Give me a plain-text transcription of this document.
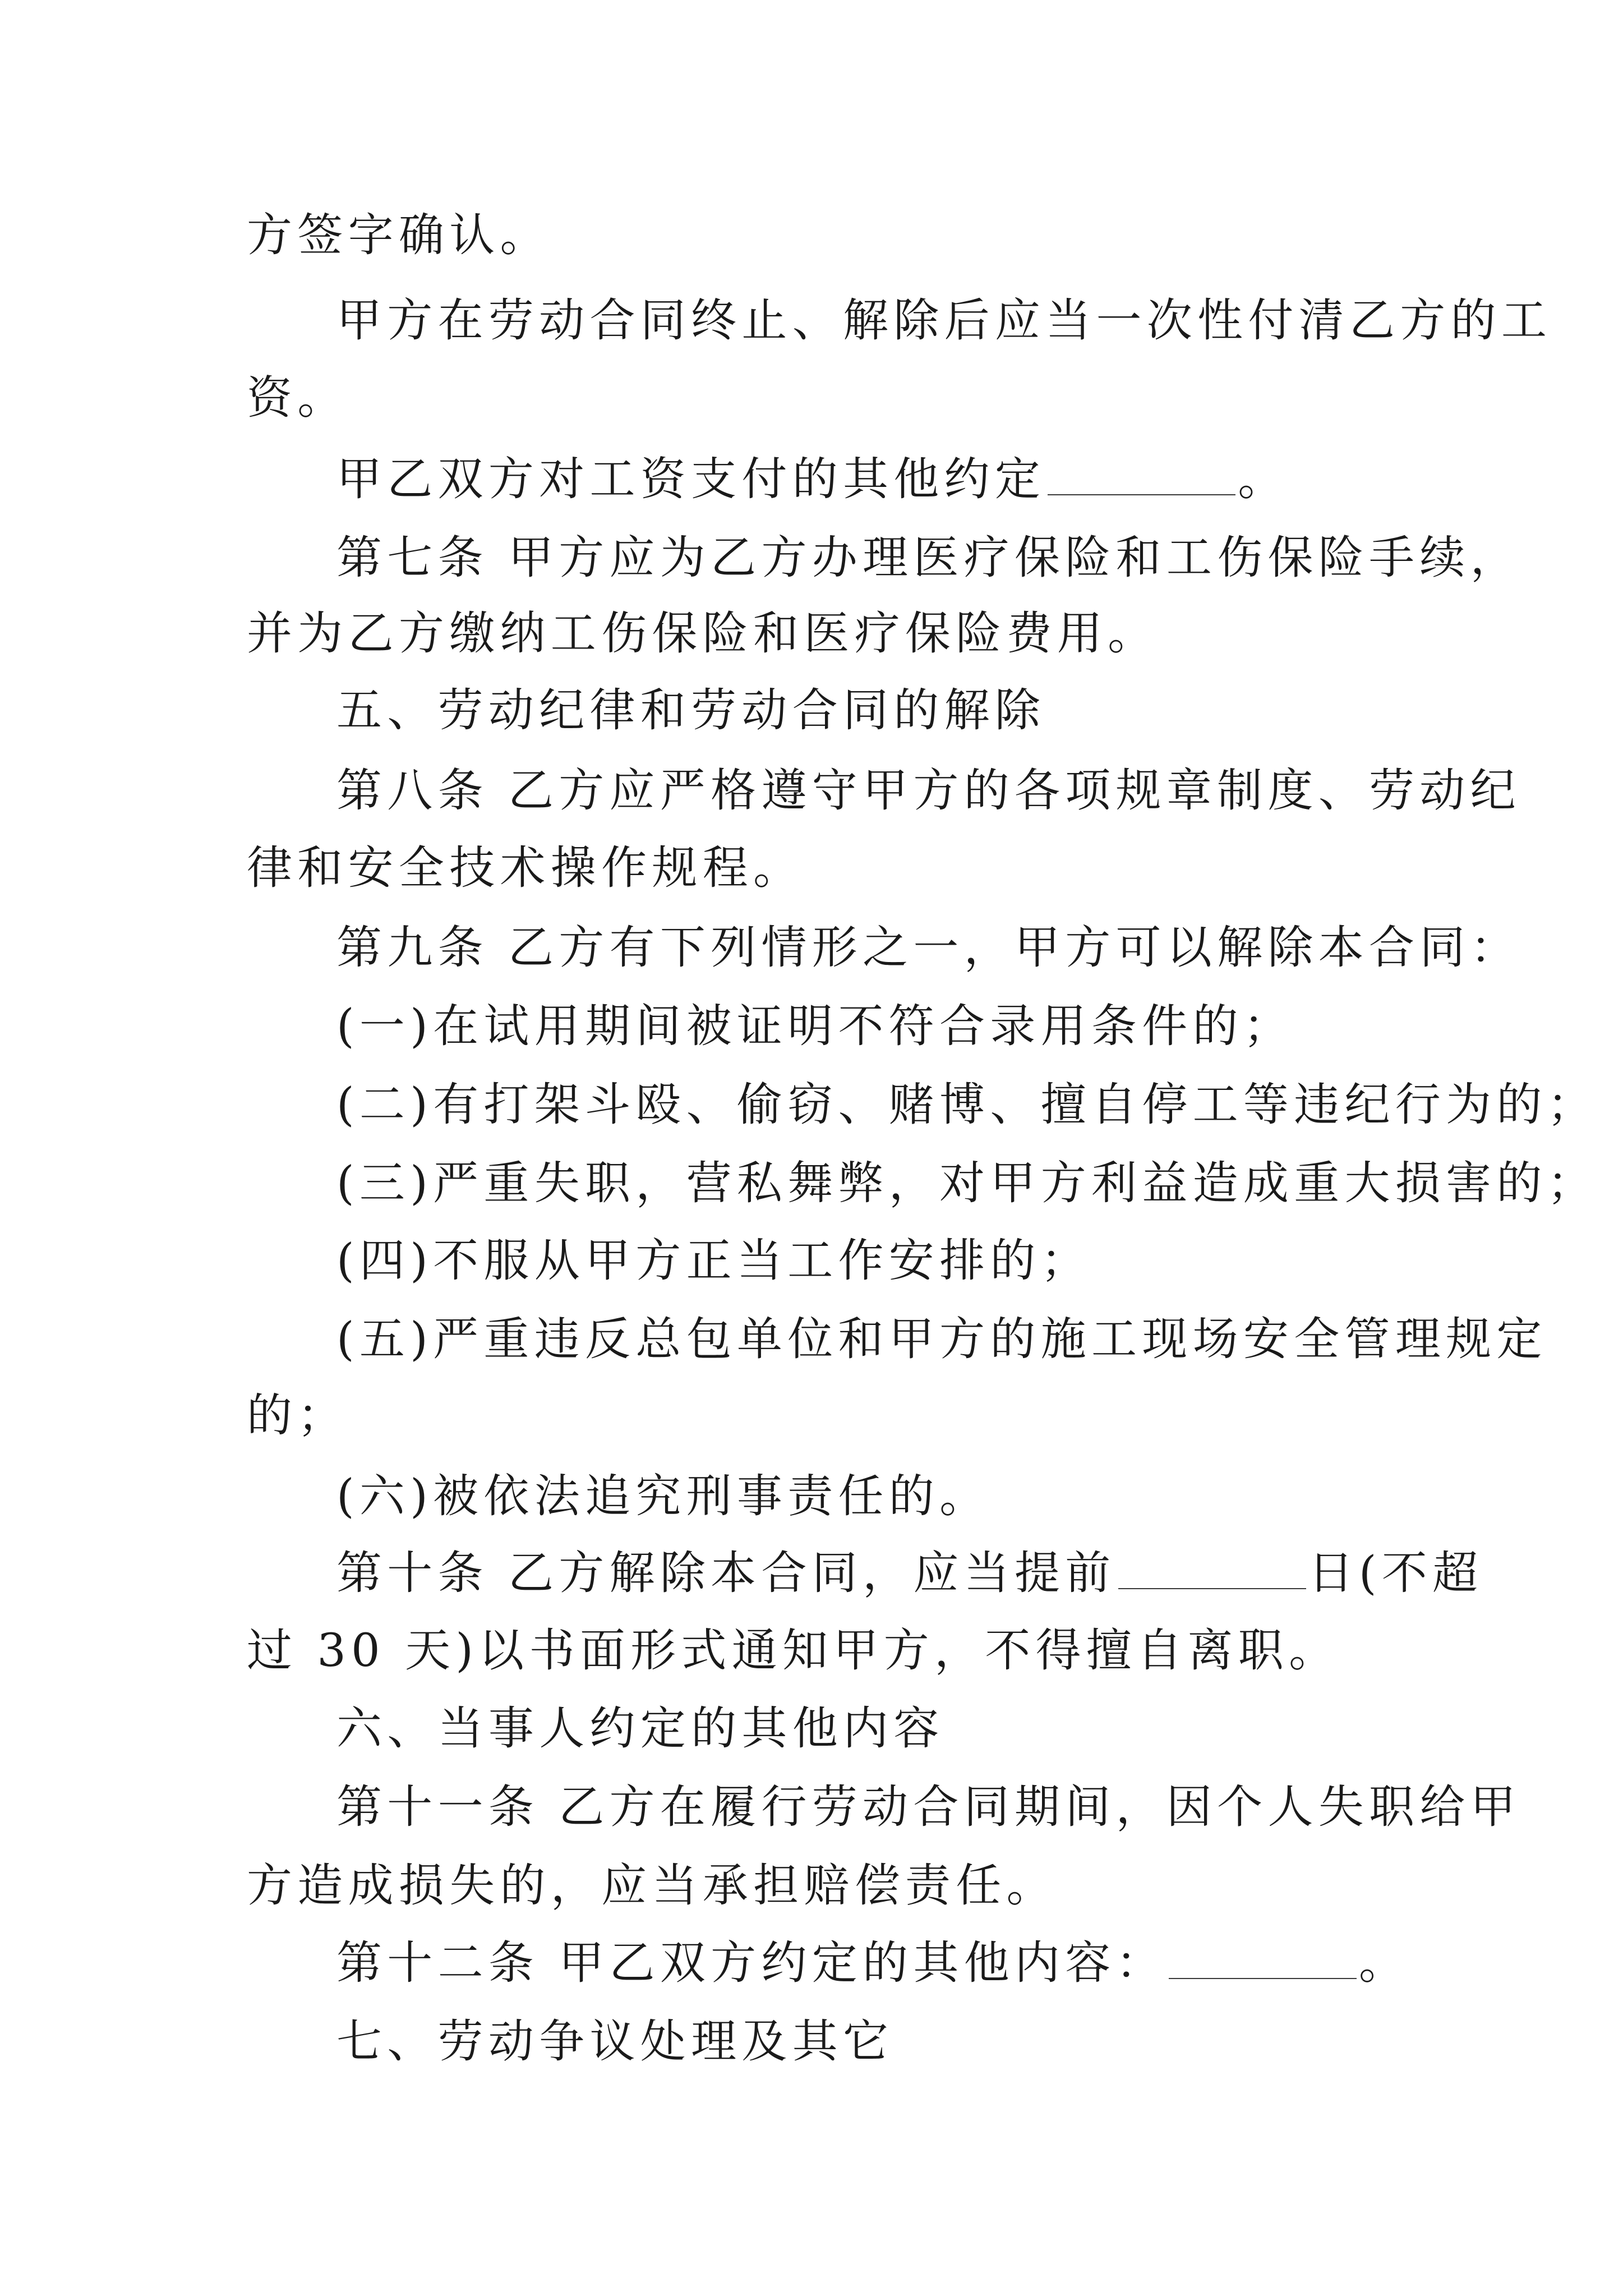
方签字确认。
甲方在劳动合同终止、解除后应当一次性付清乙方的工
资。
甲乙双方对工资支付的其他约定	。
第七条 甲方应为乙方办理医疗保险和工伤保险手续，
并为乙方缴纳工伤保险和医疗保险费用。
五、劳动纪律和劳动合同的解除
第八条 乙方应严格遵守甲方的各项规章制度、劳动纪
律和安全技术操作规程。
第九条 乙方有下列情形之一，甲方可以解除本合同：
(一)在试用期间被证明不符合录用条件的；
(二)有打架斗殴、偷窃、赌博、擅自停工等违纪行为的；
(三)严重失职，营私舞弊，对甲方利益造成重大损害的；
(四)不服从甲方正当工作安排的；
(五)严重违反总包单位和甲方的施工现场安全管理规定
的；
(六)被依法追究刑事责任的。
第十条 乙方解除本合同，应当提前	日(不超
过 30 天)以书面形式通知甲方，不得擅自离职。
六、当事人约定的其他内容
第十一条 乙方在履行劳动合同期间，因个人失职给甲
方造成损失的，应当承担赔偿责任。
第十二条 甲乙双方约定的其他内容：	。
七、劳动争议处理及其它
